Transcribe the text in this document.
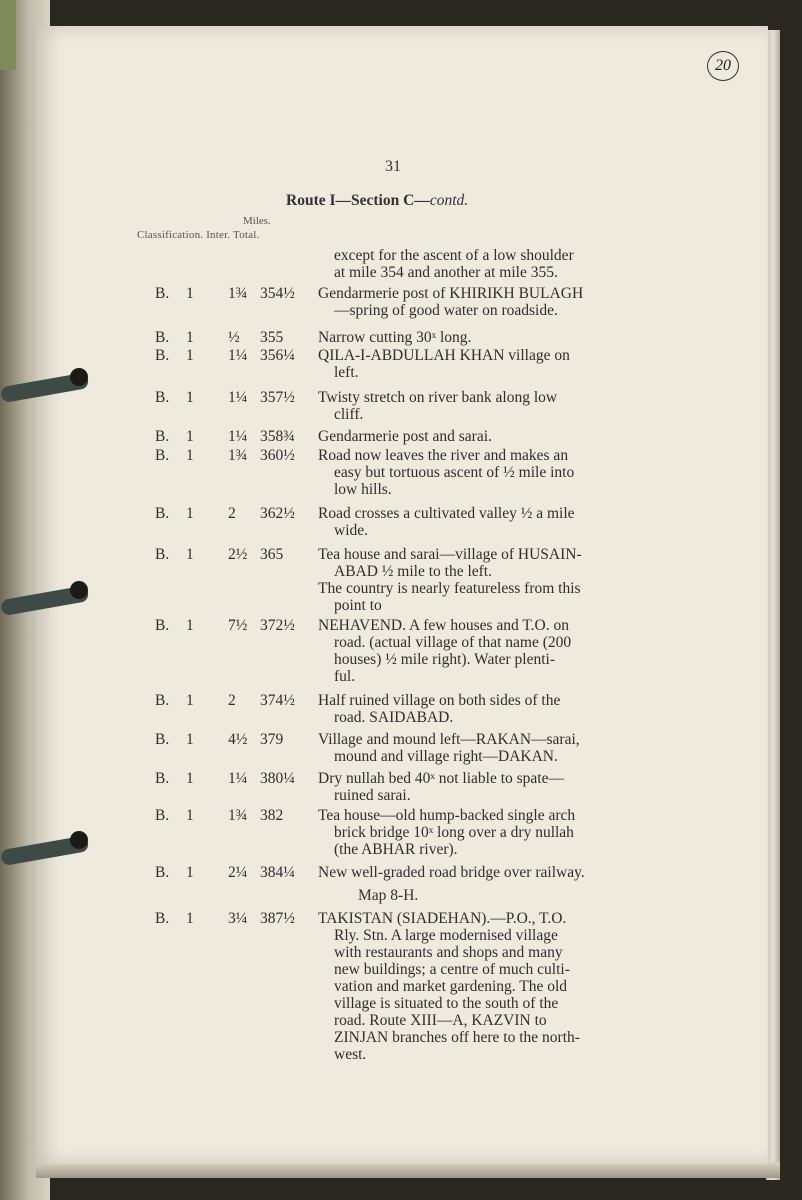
20
31
Route I—Section C—contd.
Miles.
Classification. Inter. Total.
except for the ascent of a low shoulder
at mile 354 and another at mile 355.
B. 1 1¾ 354½ Gendarmerie post of KHIRIKH BULAGH
—spring of good water on roadside.
B. 1 ½ 355 Narrow cutting 30ˣ long.
B. 1 1¼ 356¼ QILA-I-ABDULLAH KHAN village on
left.
B. 1 1¼ 357½ Twisty stretch on river bank along low
cliff.
B. 1 1¼ 358¾ Gendarmerie post and sarai.
B. 1 1¾ 360½ Road now leaves the river and makes an
easy but tortuous ascent of ½ mile into
low hills.
B. 1 2 362½ Road crosses a cultivated valley ½ a mile
wide.
B. 1 2½ 365 Tea house and sarai—village of HUSAIN-
ABAD ½ mile to the left.
The country is nearly featureless from this
point to
B. 1 7½ 372½ NEHAVEND. A few houses and T.O. on
road. (actual village of that name (200
houses) ½ mile right). Water plenti-
ful.
B. 1 2 374½ Half ruined village on both sides of the
road. SAIDABAD.
B. 1 4½ 379 Village and mound left—RAKAN—sarai,
mound and village right—DAKAN.
B. 1 1¼ 380¼ Dry nullah bed 40ˣ not liable to spate—
ruined sarai.
B. 1 1¾ 382 Tea house—old hump-backed single arch
brick bridge 10ˣ long over a dry nullah
(the ABHAR river).
B. 1 2¼ 384¼ New well-graded road bridge over railway.
B. 1 3¼ 387½ TAKISTAN (SIADEHAN).—P.O., T.O.
Rly. Stn. A large modernised village
with restaurants and shops and many
new buildings; a centre of much culti-
vation and market gardening. The old
village is situated to the south of the
road. Route XIII—A, KAZVIN to
ZINJAN branches off here to the north-
west.
Map 8-H.
